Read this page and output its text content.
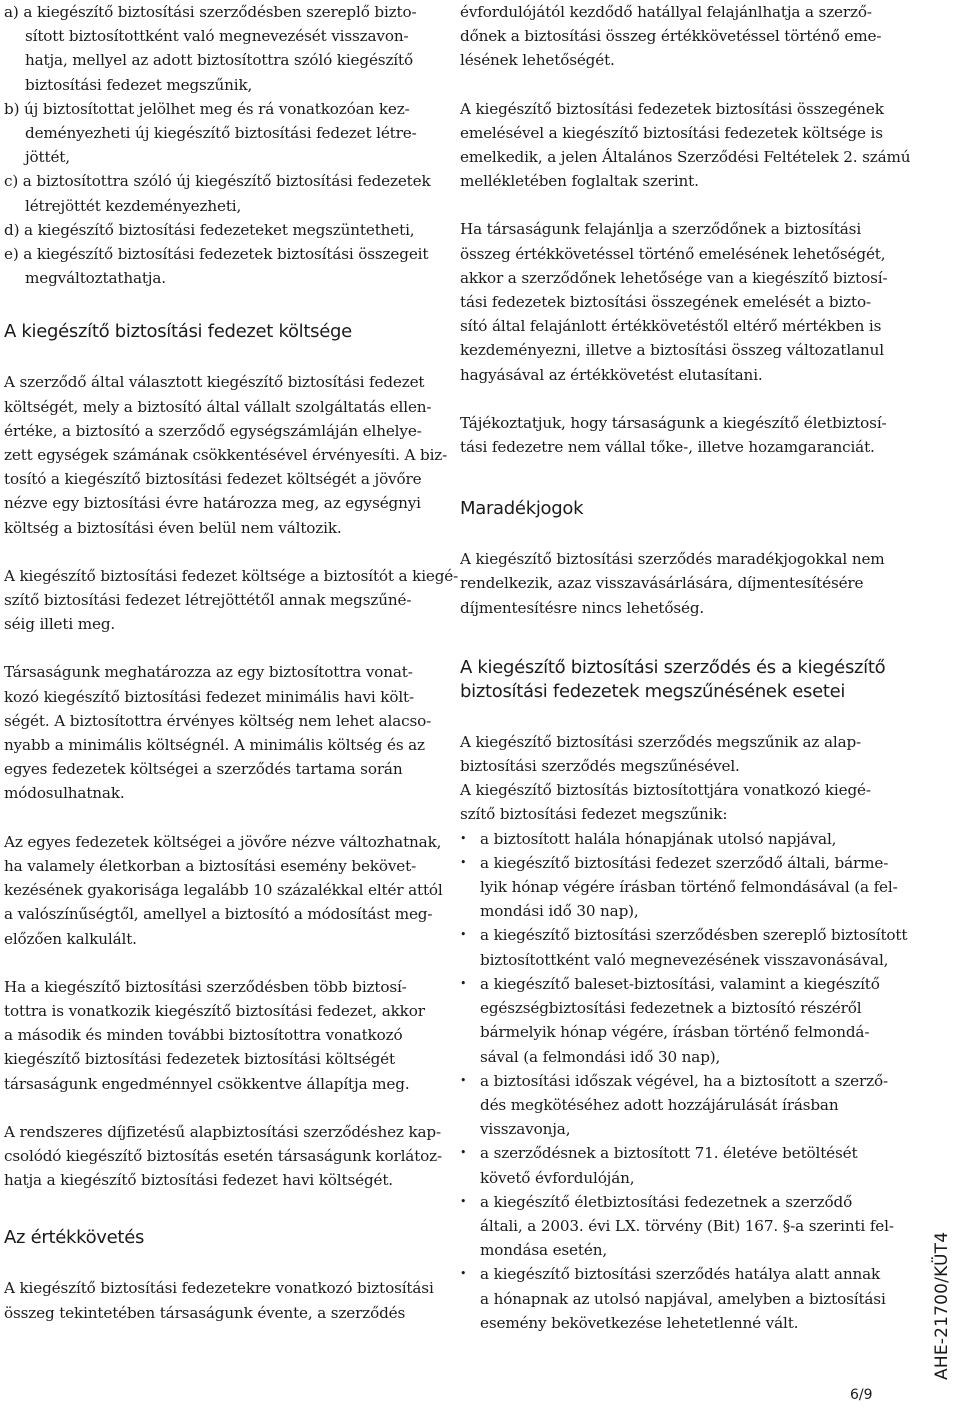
a) a kiegészítő biztosítási szerződésben szereplő bizto-
sított biztosítottként való megnevezését visszavon-
hatja, mellyel az adott biztosítottra szóló kiegészítő
biztosítási fedezet megszűnik,
b) új biztosítottat jelölhet meg és rá vonatkozóan kez-
deményezheti új kiegészítő biztosítási fedezet létre-
jöttét,
c) a biztosítottra szóló új kiegészítő biztosítási fedezetek
létrejöttét kezdeményezheti,
d) a kiegészítő biztosítási fedezeteket megszüntetheti,
e) a kiegészítő biztosítási fedezetek biztosítási összegeit
megváltoztathatja.
A kiegészítő biztosítási fedezet költsége
A szerződő által választott kiegészítő biztosítási fedezet
költségét, mely a biztosító által vállalt szolgáltatás ellen-
értéke, a biztosító a szerződő egységszámláján elhelye-
zett egységek számának csökkentésével érvényesíti. A biz-
tosító a kiegészítő biztosítási fedezet költségét a jövőre
nézve egy biztosítási évre határozza meg, az egységnyi
költség a biztosítási éven belül nem változik.
A kiegészítő biztosítási fedezet költsége a biztosítót a kiegé-
szítő biztosítási fedezet létrejöttétől annak megszűné-
séig illeti meg.
Társaságunk meghatározza az egy biztosítottra vonat-
kozó kiegészítő biztosítási fedezet minimális havi költ-
ségét. A biztosítottra érvényes költség nem lehet alacso-
nyabb a minimális költségnél. A minimális költség és az
egyes fedezetek költségei a szerződés tartama során
módosulhatnak.
Az egyes fedezetek költségei a jövőre nézve változhatnak,
ha valamely életkorban a biztosítási esemény bekövet-
kezésének gyakorisága legalább 10 százalékkal eltér attól
a valószínűségtől, amellyel a biztosító a módosítást meg-
előzően kalkulált.
Ha a kiegészítő biztosítási szerződésben több biztosí-
tottra is vonatkozik kiegészítő biztosítási fedezet, akkor
a második és minden további biztosítottra vonatkozó
kiegészítő biztosítási fedezetek biztosítási költségét
társaságunk engedménnyel csökkentve állapítja meg.
A rendszeres díjfizetésű alapbiztosítási szerződéshez kap-
csolódó kiegészítő biztosítás esetén társaságunk korlátoz-
hatja a kiegészítő biztosítási fedezet havi költségét.
Az értékkövetés
A kiegészítő biztosítási fedezetekre vonatkozó biztosítási
összeg tekintetében társaságunk évente, a szerződés
évfordulójától kezdődő hatállyal felajánlhatja a szerző-
dőnek a biztosítási összeg értékkövetéssel történő eme-
lésének lehetőségét.
A kiegészítő biztosítási fedezetek biztosítási összegének
emelésével a kiegészítő biztosítási fedezetek költsége is
emelkedik, a jelen Általános Szerződési Feltételek 2. számú
mellékletében foglaltak szerint.
Ha társaságunk felajánlja a szerződőnek a biztosítási
összeg értékkövetéssel történő emelésének lehetőségét,
akkor a szerződőnek lehetősége van a kiegészítő biztosí-
tási fedezetek biztosítási összegének emelését a bizto-
sító által felajánlott értékkövetéstől eltérő mértékben is
kezdeményezni, illetve a biztosítási összeg változatlanul
hagyásával az értékkövetést elutasítani.
Tájékoztatjuk, hogy társaságunk a kiegészítő életbiztosí-
tási fedezetre nem vállal tőke-, illetve hozamgaranciát.
Maradékjogok
A kiegészítő biztosítási szerződés maradékjogokkal nem
rendelkezik, azaz visszavásárlására, díjmentesítésére
díjmentesítésre nincs lehetőség.
A kiegészítő biztosítási szerződés és a kiegészítő
biztosítási fedezetek megszűnésének esetei
A kiegészítő biztosítási szerződés megszűnik az alap-
biztosítási szerződés megszűnésével.
A kiegészítő biztosítás biztosítottjára vonatkozó kiegé-
szítő biztosítási fedezet megszűnik:
• a biztosított halála hónapjának utolsó napjával,
• a kiegészítő biztosítási fedezet szerződő általi, bárme-
lyik hónap végére írásban történő felmondásával (a fel-
mondási idő 30 nap),
• a kiegészítő biztosítási szerződésben szereplő biztosított
biztosítottként való megnevezésének visszavonásával,
• a kiegészítő baleset-biztosítási, valamint a kiegészítő
egészségbiztosítási fedezetnek a biztosító részéről
bármelyik hónap végére, írásban történő felmondá-
sával (a felmondási idő 30 nap),
• a biztosítási időszak végével, ha a biztosított a szerző-
dés megkötéséhez adott hozzájárulását írásban
visszavonja,
• a szerződésnek a biztosított 71. életéve betöltését
követő évfordulóján,
• a kiegészítő életbiztosítási fedezetnek a szerződő
általi, a 2003. évi LX. törvény (Bit) 167. §-a szerinti fel-
mondása esetén,
• a kiegészítő biztosítási szerződés hatálya alatt annak
a hónapnak az utolsó napjával, amelyben a biztosítási
esemény bekövetkezése lehetetlenné vált.	AHE-21700/KÜT4
6/9
